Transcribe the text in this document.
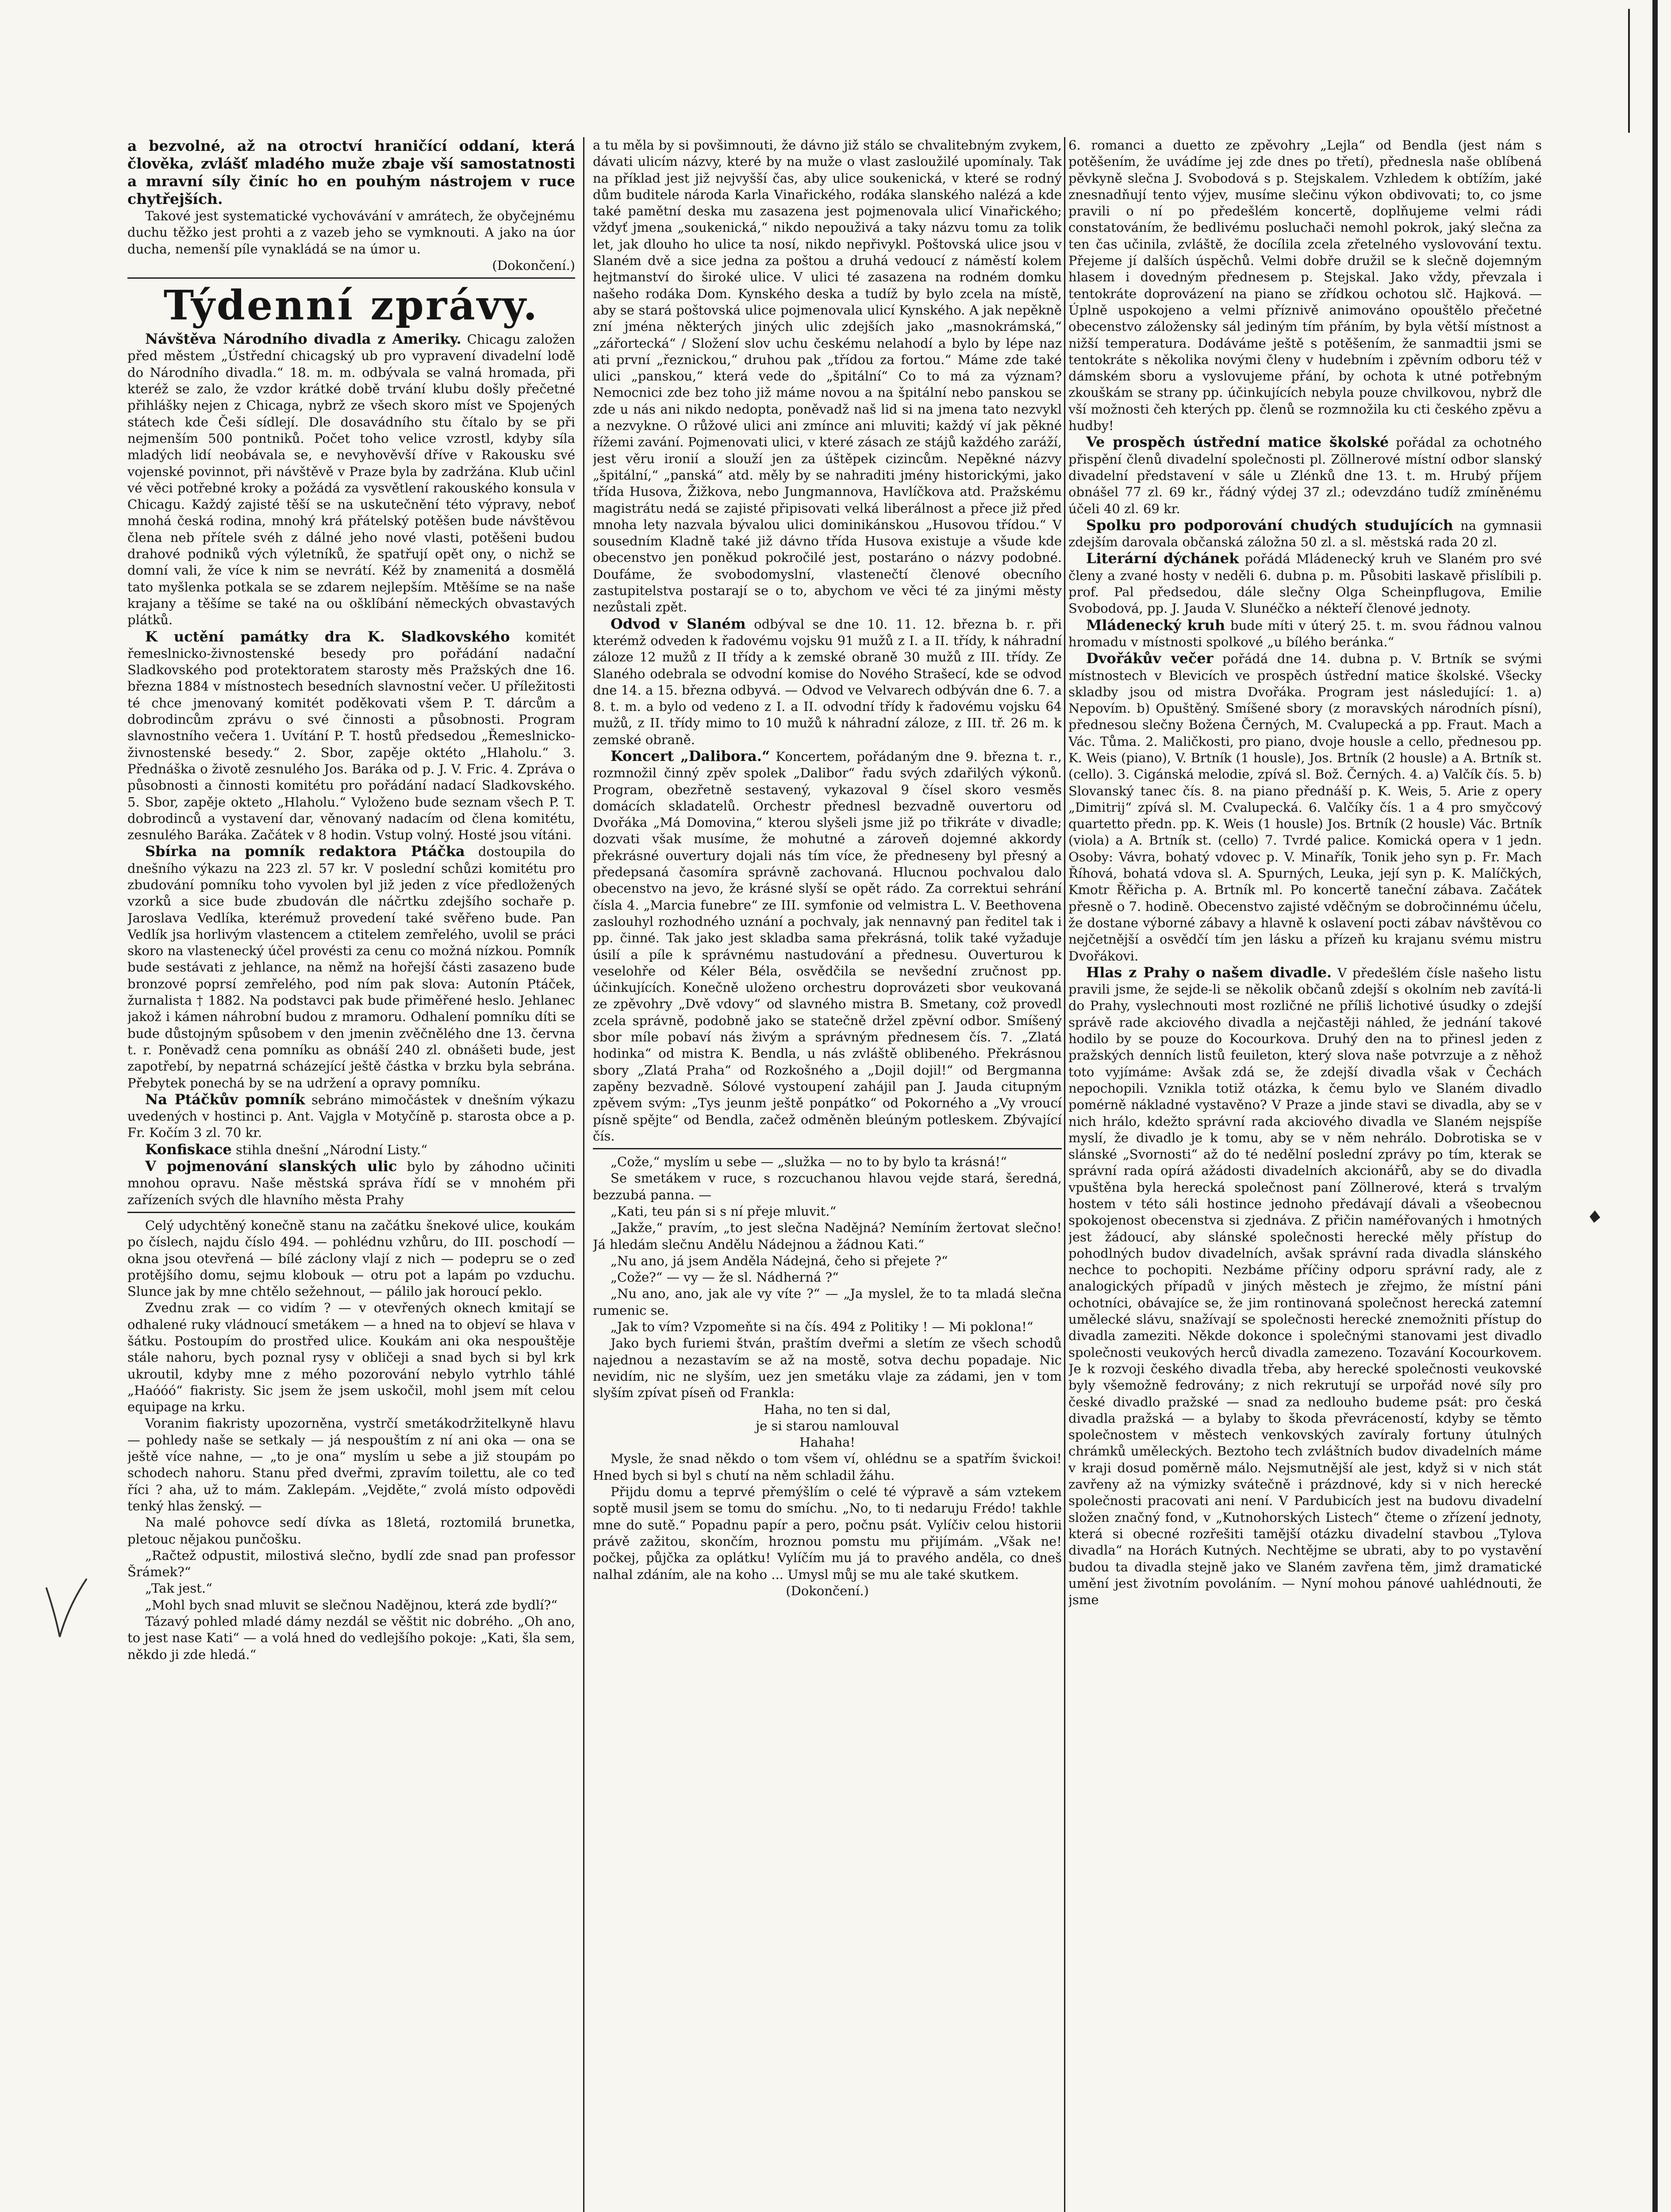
a bezvolné, až na otroctví hraničící oddaní, která člověka, zvlášť mladého muže zbaje vší samostatnosti a mravní síly činíc ho en pouhým nástrojem v ruce chytřejších.

Takové jest systematické vychovávání v amrátech, že obyčejnému duchu těžko jest prohti a z vazeb jeho se vymknouti. A jako na úor ducha, nemenší píle vynakládá se na úmor u.

(Dokončení.)

Týdenní zprávy.

Návštěva Národního divadla z Ameriky. Chicagu založen před městem „Ústřední chicagský ub pro vypravení divadelní lodě do Národního divadla.“ 18. m. m. odbývala se valná hromada, při kteréž se zalo, že vzdor krátké době trvání klubu došly přečetné přihlášky nejen z Chicaga, nybrž ze všech skoro míst ve Spojených státech kde Češi sídlejí. Dle dosavádního stu čítalo by se při nejmenším 500 pontniků. Počet toho velice vzrostl, kdyby síla mladých lidí neobávala se, e nevyhověvší dříve v Rakousku své vojenské povinnot, při návštěvě v Praze byla by zadržána. Klub učinl vé věci potřebné kroky a požádá za vysvětlení rakouského konsula v Chicagu. Každý zajisté těší se na uskutečnění této výpravy, neboť mnohá česká rodina, mnohý krá přátelský potěšen bude návštěvou člena neb přítele svéh z dálné jeho nové vlasti, potěšeni budou drahové podniků vých výletníků, že spatřují opět ony, o nichž se domní vali, že více k nim se nevrátí. Kéž by znamenitá a dosmělá tato myšlenka potkala se se zdarem nejlepším. Mtěšíme se na naše krajany a těšíme se také na ou ošklíbání německých obvastavých plátků.

K uctění památky dra K. Sladkovského komitét řemeslnicko-živnostenské besedy pro pořádání nadační Sladkovského pod protektoratem starosty měs Pražských dne 16. března 1884 v místnostech besedních slavnostní večer. U příležitosti té chce jmenovaný komitét poděkovati všem P. T. dárcům a dobrodincům zprávu o své činnosti a působnosti. Program slavnostního večera 1. Uvítání P. T. hostů předsedou „Řemeslnicko-živnostenské besedy.“ 2. Sbor, zapěje oktéto „Hlaholu.“ 3. Přednáška o životě zesnulého Jos. Baráka od p. J. V. Fric. 4. Zpráva o působnosti a činnosti komitétu pro pořádání nadací Sladkovského. 5. Sbor, zapěje okteto „Hlaholu.“ Vyloženo bude seznam všech P. T. dobrodinců a vystavení dar, věnovaný nadacím od člena komitétu, zesnulého Baráka. Začátek v 8 hodin. Vstup volný. Hosté jsou vítáni.

Sbírka na pomník redaktora Ptáčka dostoupila do dnešního výkazu na 223 zl. 57 kr. V poslední schůzi komitétu pro zbudování pomníku toho vyvolen byl již jeden z více předložených vzorků a sice bude zbudován dle náčrtku zdejšího sochaře p. Jaroslava Vedlíka, kterémuž provedení také svěřeno bude. Pan Vedlík jsa horlivým vlastencem a ctitelem zemřelého, uvolil se práci skoro na vlastenecký účel provésti za cenu co možná nízkou. Pomník bude sestávati z jehlance, na němž na hořejší části zasazeno bude bronzové poprsí zemřelého, pod ním pak slova: Autonín Ptáček, žurnalista † 1882. Na podstavci pak bude přiměřené heslo. Jehlanec jakož i kámen náhrobní budou z mramoru. Odhalení pomníku díti se bude důstojným spůsobem v den jmenin zvěčnělého dne 13. června t. r. Poněvadž cena pomníku as obnáší 240 zl. obnášeti bude, jest zapotřebí, by nepatrná scházející ještě částka v brzku byla sebrána. Přebytek ponechá by se na udržení a opravy pomníku.

Na Ptáčkův pomník sebráno mimočástek v dnešním výkazu uvedených v hostinci p. Ant. Vajgla v Motyčíně p. starosta obce a p. Fr. Kočím 3 zl. 70 kr.

Konfiskace stihla dnešní „Národní Listy.“

V pojmenování slanských ulic bylo by záhodno učiniti mnohou opravu. Naše městská správa řídí se v mnohém při zařízeních svých dle hlavního města Prahy

Celý udychtěný konečně stanu na začátku šnekové ulice, koukám po číslech, najdu číslo 494. — pohlédnu vzhůru, do III. poschodí — okna jsou otevřená — bílé záclony vlají z nich — podepru se o zeď protějšího domu, sejmu klobouk — otru pot a lapám po vzduchu. Slunce jak by mne chtělo sežehnout, — pálilo jak horoucí peklo.

Zvednu zrak — co vidím ? — v otevřených oknech kmitají se odhalené ruky vládnoucí smetákem — a hned na to objeví se hlava v šátku. Postoupím do prostřed ulice. Koukám ani oka nespouštěje stále nahoru, bych poznal rysy v obličeji a snad bych si byl krk ukroutil, kdyby mne z mého pozorování nebylo vytrhlo táhlé „Haóóó“ fiakristy. Sic jsem že jsem uskočil, mohl jsem mít celou equipage na krku.

Voranim fiakristy upozorněna, vystrčí smetákodržitelkyně hlavu — pohledy naše se setkaly — já nespouštím z ní ani oka — ona se ještě více nahne, — „to je ona“ myslím u sebe a již stoupám po schodech nahoru. Stanu před dveřmi, zpravím toilettu, ale co teď říci ? aha, už to mám. Zaklepám. „Vejděte,“ zvolá místo odpovědi tenký hlas ženský. —

Na malé pohovce sedí dívka as 18letá, roztomilá brunetka, pletouc nějakou punčošku.

„Račtež odpustit, milostivá slečno, bydlí zde snad pan professor Šrámek?“

„Tak jest.“

„Mohl bych snad mluvit se slečnou Nadějnou, která zde bydlí?“

Tázavý pohled mladé dámy nezdál se věštit nic dobrého. „Oh ano, to jest nase Kati“ — a volá hned do vedlejšího pokoje: „Kati, šla sem, někdo ji zde hledá.“

a tu měla by si povšimnouti, že dávno již stálo se chvalitebným zvykem, dávati ulicím názvy, které by na muže o vlast zasloužilé upomínaly. Tak na příklad jest již nejvyšší čas, aby ulice soukenická, v které se rodný dům buditele národa Karla Vinařického, rodáka slanského nalézá a kde také pamětní deska mu zasazena jest pojmenovala ulicí Vinařického; vždyť jmena „soukenická,“ nikdo nepouživá a taky názvu tomu za tolik let, jak dlouho ho ulice ta nosí, nikdo nepřivykl. Poštovská ulice jsou v Slaném dvě a sice jedna za poštou a druhá vedoucí z náměstí kolem hejtmanství do široké ulice. V ulici té zasazena na rodném domku našeho rodáka Dom. Kynského deska a tudíž by bylo zcela na místě, aby se stará poštovská ulice pojmenovala ulicí Kynského. A jak nepěkně zní jména některých jiných ulic zdejších jako „masnokrámská,“ „zářortecká“ / Složení slov uchu českému nelahodí a bylo by lépe naz ati první „řeznickou,“ druhou pak „třídou za fortou.“ Máme zde také ulici „panskou,“ která vede do „špitální“ Co to má za význam? Nemocnici zde bez toho již máme novou a na špitální nebo panskou se zde u nás ani nikdo nedopta, poněvadž naš lid si na jmena tato nezvykl a nezvykne. O růžové ulici ani zmínce ani mluviti; každý ví jak pěkné řížemi zavání. Pojmenovati ulici, v které zásach ze stájů každého zaráží, jest věru ironií a slouží jen za úštěpek cizincům. Nepěkné názvy „špitální,“ „panská“ atd. měly by se nahraditi jmény historickými, jako třída Husova, Žižkova, nebo Jungmannova, Havlíčkova atd. Pražskému magistrátu nedá se zajisté připisovati velká liberálnost a přece již před mnoha lety nazvala bývalou ulici dominikánskou „Husovou třídou.“ V sousedním Kladně také již dávno třída Husova existuje a všude kde obecenstvo jen poněkud pokročilé jest, postaráno o názvy podobné. Doufáme, že svobodomyslní, vlastenečtí členové obecního zastupitelstva postarají se o to, abychom ve věci té za jinými městy nezůstali zpět.

Odvod v Slaném odbýval se dne 10. 11. 12. března b. r. při kterémž odveden k řadovému vojsku 91 mužů z I. a II. třídy, k náhradní záloze 12 mužů z II třídy a k zemské obraně 30 mužů z III. třídy. Ze Slaného odebrala se odvodní komise do Nového Strašecí, kde se odvod dne 14. a 15. března odbyvá. — Odvod ve Velvarech odbýván dne 6. 7. a 8. t. m. a bylo od vedeno z I. a II. odvodní třídy k řadovému vojsku 64 mužů, z II. třídy mimo to 10 mužů k náhradní záloze, z III. tř. 26 m. k zemské obraně.

Koncert „Dalibora.“ Koncertem, pořádaným dne 9. března t. r., rozmnožil činný zpěv spolek „Dalibor“ řadu svých zdařilých výkonů. Program, obezřetně sestavený, vykazoval 9 čísel skoro vesměs domácích skladatelů. Orchestr přednesl bezvadně ouvertoru od Dvořáka „Má Domovina,“ kterou slyšeli jsme již po třikráte v divadle; dozvati však musíme, že mohutné a zároveň dojemné akkordy překrásné ouvertury dojali nás tím více, že předneseny byl přesný a předepsaná časomíra správně zachovaná. Hlucnou pochvalou dalo obecenstvo na jevo, že krásné slyší se opět rádo. Za correktui sehrání čísla 4. „Marcia funebre“ ze III. symfonie od velmistra L. V. Beethovena zaslouhyl rozhodného uznání a pochvaly, jak nennavný pan ředitel tak i pp. činné. Tak jako jest skladba sama překrásná, tolik také vyžaduje úsilí a píle k správnému nastudování a přednesu. Ouverturou k veselohře od Kéler Béla, osvědčila se nevšední zručnost pp. účinkujících. Konečně uloženo orchestru doprovázeti sbor veukovaná ze zpěvohry „Dvě vdovy“ od slavného mistra B. Smetany, což provedl zcela správně, podobně jako se statečně držel zpěvní odbor. Smíšený sbor míle pobaví nás živým a správným přednesem čís. 7. „Zlatá hodinka“ od mistra K. Bendla, u nás zvláště oblibeného. Překrásnou sbory „Zlatá Praha“ od Rozkošného a „Dojil dojil!“ od Bergmanna zapěny bezvadně. Sólové vystoupení zahájil pan J. Jauda citupným zpěvem svým: „Tys jeunm ještě ponpátko“ od Pokorného a „Vy vroucí písně spějte“ od Bendla, začež odměněn bleúným potleskem. Zbývající čís.

„Cože,“ myslím u sebe — „služka — no to by bylo ta krásná!“

Se smetákem v ruce, s rozcuchanou hlavou vejde stará, šeredná, bezzubá panna. —

„Kati, teu pán si s ní přeje mluvit.“

„Jakže,“ pravím, „to jest slečna Nadějná? Nemíním žertovat slečno! Já hledám slečnu Andělu Nádejnou a žádnou Kati.“

„Nu ano, já jsem Anděla Nádejná, čeho si přejete ?“

„Cože?“ — vy — že sl. Nádherná ?“

„Nu ano, ano, jak ale vy víte ?“ — „Ja myslel, že to ta mladá slečna rumenic se.

„Jak to vím? Vzpomeňte si na čís. 494 z Politiky ! — Mi poklona!“

Jako bych furiemi štván, praštím dveřmi a sletím ze všech schodů najednou a nezastavím se až na mostě, sotva dechu popadaje. Nic nevidím, nic ne slyším, uez jen smetáku vlaje za zádami, jen v tom slyším zpívat píseň od Frankla:

Haha, no ten si dal,

je si starou namlouval

Hahaha!

Mysle, že snad někdo o tom všem ví, ohlédnu se a spatřím švickoi! Hned bych si byl s chutí na něm schladil žáhu.

Přijdu domu a teprvé přemýšlím o celé té výpravě a sám vztekem soptě musil jsem se tomu do smíchu. „No, to ti nedaruju Frédo! takhle mne do sutě.“ Popadnu papír a pero, počnu psát. Vylíčiv celou historii právě zažitou, skončím, hroznou pomstu mu přijímám. „Však ne! počkej, půjčka za oplátku! Vylíčím mu já to pravého anděla, co dneš nalhal zdáním, ale na koho ... Umysl můj se mu ale také skutkem.

(Dokončení.)

6. romanci a duetto ze zpěvohry „Lejla“ od Bendla (jest nám s potěšením, že uvádíme jej zde dnes po třetí), přednesla naše oblíbená pěvkyně slečna J. Svobodová s p. Stejskalem. Vzhledem k obtížím, jaké znesnadňují tento výjev, musíme slečinu výkon obdivovati; to, co jsme pravili o ní po předešlém koncertě, doplňujeme velmi rádi constatováním, že bedlivému posluchači nemohl pokrok, jaký slečna za ten čas učinila, zvláště, že docílila zcela zřetelného vyslovování textu. Přejeme jí dalších úspěchů. Velmi dobře družil se k slečně dojemným hlasem i dovedným přednesem p. Stejskal. Jako vždy, převzala i tentokráte doprovázení na piano se zřídkou ochotou slč. Hajková. — Úplně uspokojeno a velmi příznivě animováno opouštělo přečetné obecenstvo záložensky sál jediným tím přáním, by byla větší místnost a nižší temperatura. Dodáváme ještě s potěšením, že sanmadtii jsmi se tentokráte s několika novými členy v hudebním i zpěvním odboru též v dámském sboru a vyslovujeme přání, by ochota k utné potřebným zkouškám se strany pp. účinkujících nebyla pouze chvilkovou, nybrž dle vší možnosti čeh kterých pp. členů se rozmnožila ku cti českého zpěvu a hudby!

Ve prospěch ústřední matice školské pořádal za ochotného přispění členů divadelní společnosti pl. Zöllnerové místní odbor slanský divadelní představení v sále u Zlénků dne 13. t. m. Hrubý příjem obnášel 77 zl. 69 kr., řádný výdej 37 zl.; odevzdáno tudíž zmíněnému účeli 40 zl. 69 kr.

Spolku pro podporování chudých studujících na gymnasii zdejším darovala občanská záložna 50 zl. a sl. městská rada 20 zl.

Literární dýchánek pořádá Mládenecký kruh ve Slaném pro své členy a zvané hosty v neděli 6. dubna p. m. Působiti laskavě přislíbili p. prof. Pal předsedou, dále slečny Olga Scheinpflugova, Emilie Svobodová, pp. J. Jauda V. Slunéčko a nékteří členové jednoty.

Mládenecký kruh bude míti v úterý 25. t. m. svou řádnou valnou hromadu v místnosti spolkové „u bílého beránka.“

Dvořákův večer pořádá dne 14. dubna p. V. Brtník se svými místnostech v Blevicích ve prospěch ústřední matice školské. Všecky skladby jsou od mistra Dvořáka. Program jest následující: 1. a) Nepovím. b) Opuštěný. Smíšené sbory (z moravských národních písní), přednesou slečny Božena Černých, M. Cvalupecká a pp. Fraut. Mach a Vác. Tůma. 2. Maličkosti, pro piano, dvoje housle a cello, přednesou pp. K. Weis (piano), V. Brtník (1 housle), Jos. Brtník (2 housle) a A. Brtník st. (cello). 3. Cigánská melodie, zpívá sl. Bož. Černých. 4. a) Valčík čís. 5. b) Slovanský tanec čís. 8. na piano přednáší p. K. Weis, 5. Arie z opery „Dimitrij“ zpívá sl. M. Cvalupecká. 6. Valčíky čís. 1 a 4 pro smyčcový quartetto předn. pp. K. Weis (1 housle) Jos. Brtník (2 housle) Vác. Brtník (viola) a A. Brtník st. (cello) 7. Tvrdé palice. Komická opera v 1 jedn. Osoby: Vávra, bohatý vdovec p. V. Minařík, Tonik jeho syn p. Fr. Mach Říhová, bohatá vdova sl. A. Spurných, Leuka, její syn p. K. Malíčkých, Kmotr Řěřicha p. A. Brtník ml. Po koncertě taneční zábava. Začátek přesně o 7. hodině. Obecenstvo zajisté vděčným se dobročinnému účelu, že dostane výborné zábavy a hlavně k oslavení pocti zábav návštěvou co nejčetnější a osvědčí tím jen lásku a přízeň ku krajanu svému mistru Dvořákovi.

Hlas z Prahy o našem divadle. V předešlém čísle našeho listu pravili jsme, že sejde-li se několik občanů zdejší s okolním neb zavítá-li do Prahy, vyslechnouti most rozličné ne příliš lichotivé úsudky o zdejší správě rade akciového divadla a nejčastěji náhled, že jednání takové hodilo by se pouze do Kocourkova. Druhý den na to přinesl jeden z pražských denních listů feuileton, který slova naše potvrzuje a z něhož toto vyjímáme: Avšak zdá se, že zdejší divadla však v Čechách nepochopili. Vznikla totiž otázka, k čemu bylo ve Slaném divadlo pomérně nákladné vystavěno? V Praze a jinde stavi se divadla, aby se v nich hrálo, kdežto správní rada akciového divadla ve Slaném nejspíše myslí, že divadlo je k tomu, aby se v něm nehrálo. Dobrotiska se v slánské „Svornosti“ až do té nedělní poslední zprávy po tím, kterak se správní rada opírá ažádosti divadelních akcionářů, aby se do divadla vpuštěna byla herecká společnost paní Zöllnerové, která s trvalým hostem v této sáli hostince jednoho předávají dávali a všeobecnou spokojenost obecenstva si zjednáva. Z přičin naméřovaných i hmotných jest žádoucí, aby slánské společnosti herecké měly přístup do pohodlných budov divadelních, avšak správní rada divadla slánského nechce to pochopiti. Nezbáme příčiny odporu správní rady, ale z analogických případů v jiných městech je zřejmo, že místní páni ochotníci, obávajíce se, že jim rontinovaná společnost herecká zatemní umělecké slávu, snažívají se společnosti herecké znemožniti přístup do divadla zameziti. Někde dokonce i společnými stanovami jest divadlo společnosti veukových herců divadla zamezeno. Tozavání Kocourkovem. Je k rozvoji českého divadla třeba, aby herecké společnosti veukovské byly všemožně fedrovány; z nich rekrutují se urpořád nové síly pro české divadlo pražské — snad za nedlouho budeme psát: pro česká divadla pražská — a bylaby to škoda převráceností, kdyby se těmto společnostem v městech venkovských zavíraly fortuny útulných chrámků uměleckých. Beztoho tech zvláštních budov divadelních máme v kraji dosud poměrně málo. Nejsmutnější ale jest, když si v nich stát zavřeny až na výmizky svátečně i prázdnové, kdy si v nich herecké společnosti pracovati ani není. V Pardubicích jest na budovu divadelní složen značný fond, v „Kutnohorských Listech“ čteme o zřízení jednoty, která si obecné rozřešiti tamější otázku divadelní stavbou „Tylova divadla“ na Horách Kutných. Nechtějme se ubrati, aby to po vystavění budou ta divadla stejně jako ve Slaném zavřena těm, jimž dramatické umění jest životním povoláním. — Nyní mohou pánové uahlédnouti, že jsme
